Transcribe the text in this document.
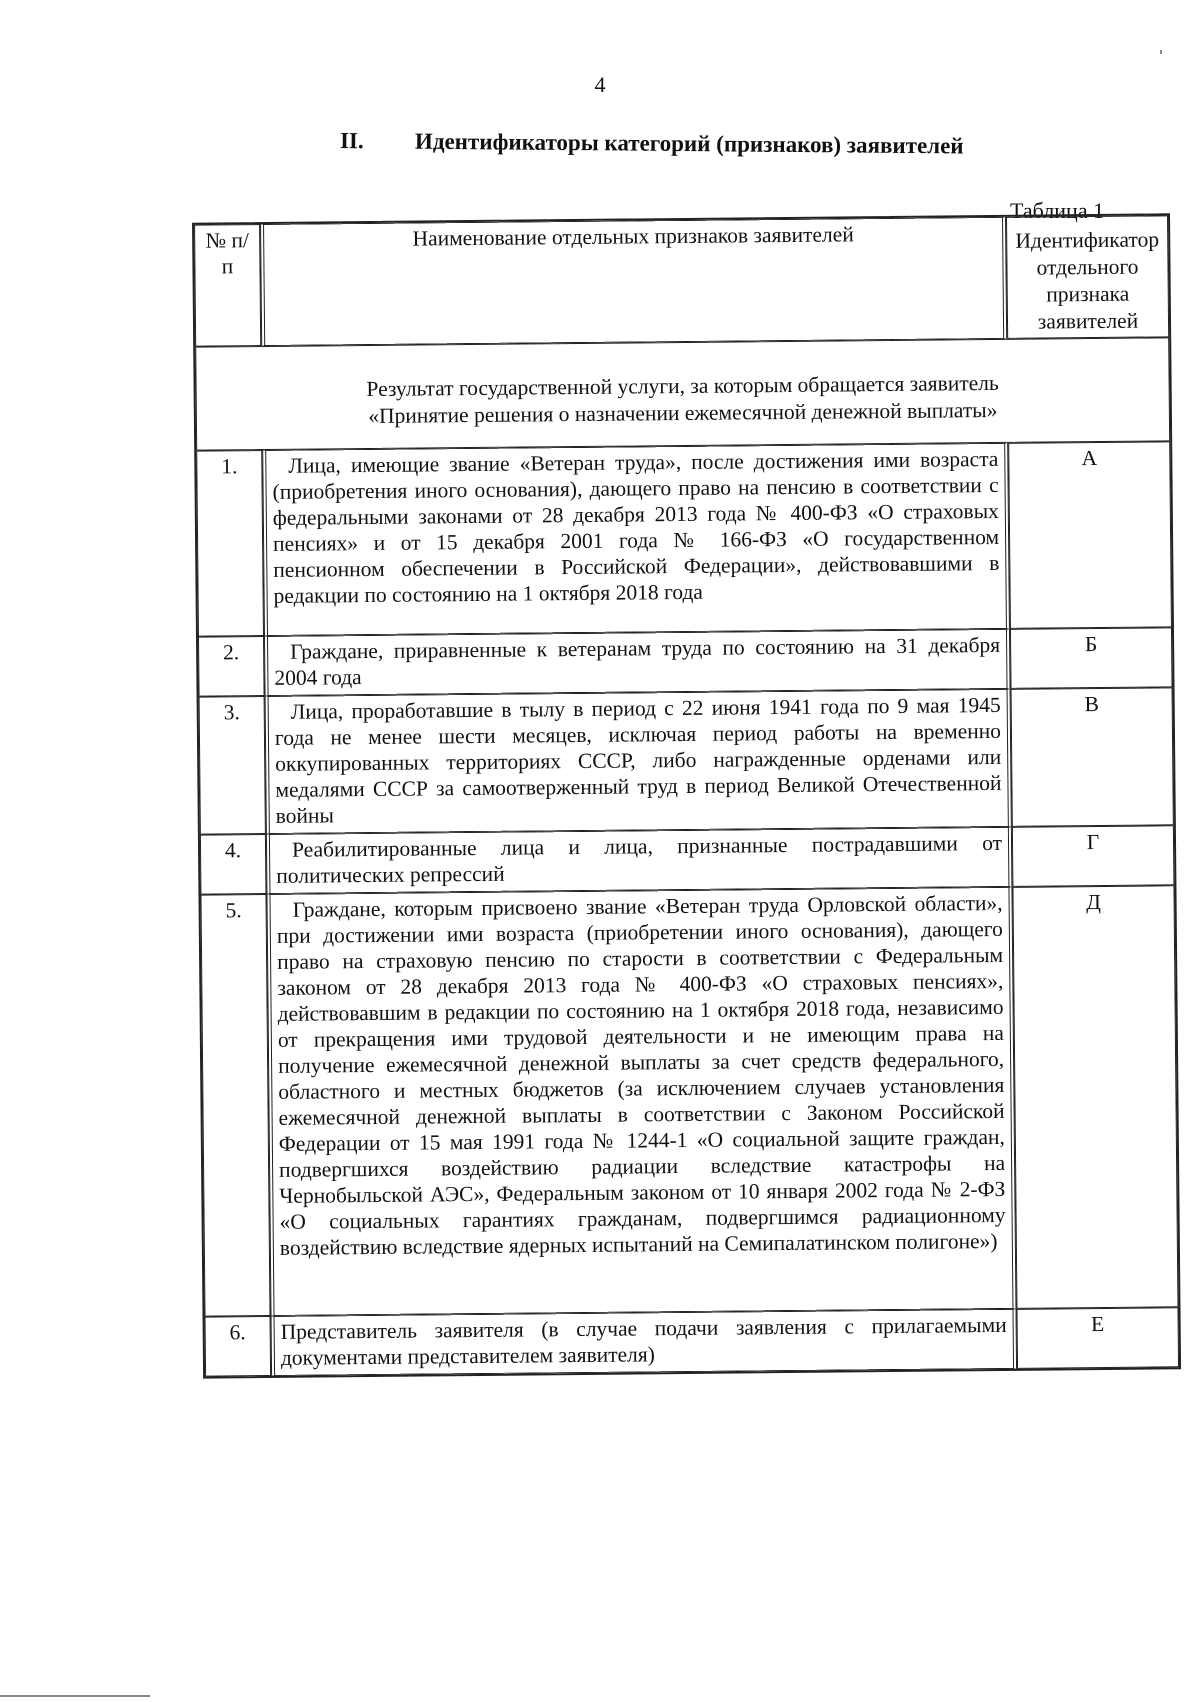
4
II. Идентификаторы категорий (признаков) заявителей
Таблица 1
№ п/п	Наименование отдельных признаков заявителей	Идентификатор отдельного признака заявителей

Результат государственной услуги, за которым обращается заявитель
«Принятие решения о назначении ежемесячной денежной выплаты»		

1.	Лица, имеющие звание «Ветеран труда», после достижения ими возраста (приобретения иного основания), дающего право на пенсию в соответствии с федеральными законами от 28 декабря 2013 года № 400-ФЗ «О страховых пенсиях» и от 15 декабря 2001 года № 166-ФЗ «О государственном пенсионном обеспечении в Российской Федерации», действовавшими в редакции по состоянию на 1 октября 2018 года	А
2.	Граждане, приравненные к ветеранам труда по состоянию на 31 декабря 2004 года	Б
3.	Лица, проработавшие в тылу в период с 22 июня 1941 года по 9 мая 1945 года не менее шести месяцев, исключая период работы на временно оккупированных территориях СССР, либо награжденные орденами или медалями СССР за самоотверженный труд в период Великой Отечественной войны	В
4.	Реабилитированные лица и лица, признанные пострадавшими от политических репрессий	Г
5.	Граждане, которым присвоено звание «Ветеран труда Орловской области», при достижении ими возраста (приобретении иного основания), дающего право на страховую пенсию по старости в соответствии с Федеральным законом от 28 декабря 2013 года № 400-ФЗ «О страховых пенсиях», действовавшим в редакции по состоянию на 1 октября 2018 года, независимо от прекращения ими трудовой деятельности и не имеющим права на получение ежемесячной денежной выплаты за счет средств федерального, областного и местных бюджетов (за исключением случаев установления ежемесячной денежной выплаты в соответствии с Законом Российской Федерации от 15 мая 1991 года № 1244-1 «О социальной защите граждан, подвергшихся воздействию радиации вследствие катастрофы на Чернобыльской АЭС», Федеральным законом от 10 января 2002 года № 2-ФЗ «О социальных гарантиях гражданам, подвергшимся радиационному воздействию вследствие ядерных испытаний на Семипалатинском полигоне»)	Д
6.	Представитель заявителя (в случае подачи заявления с прилагаемыми документами представителем заявителя)	Е
